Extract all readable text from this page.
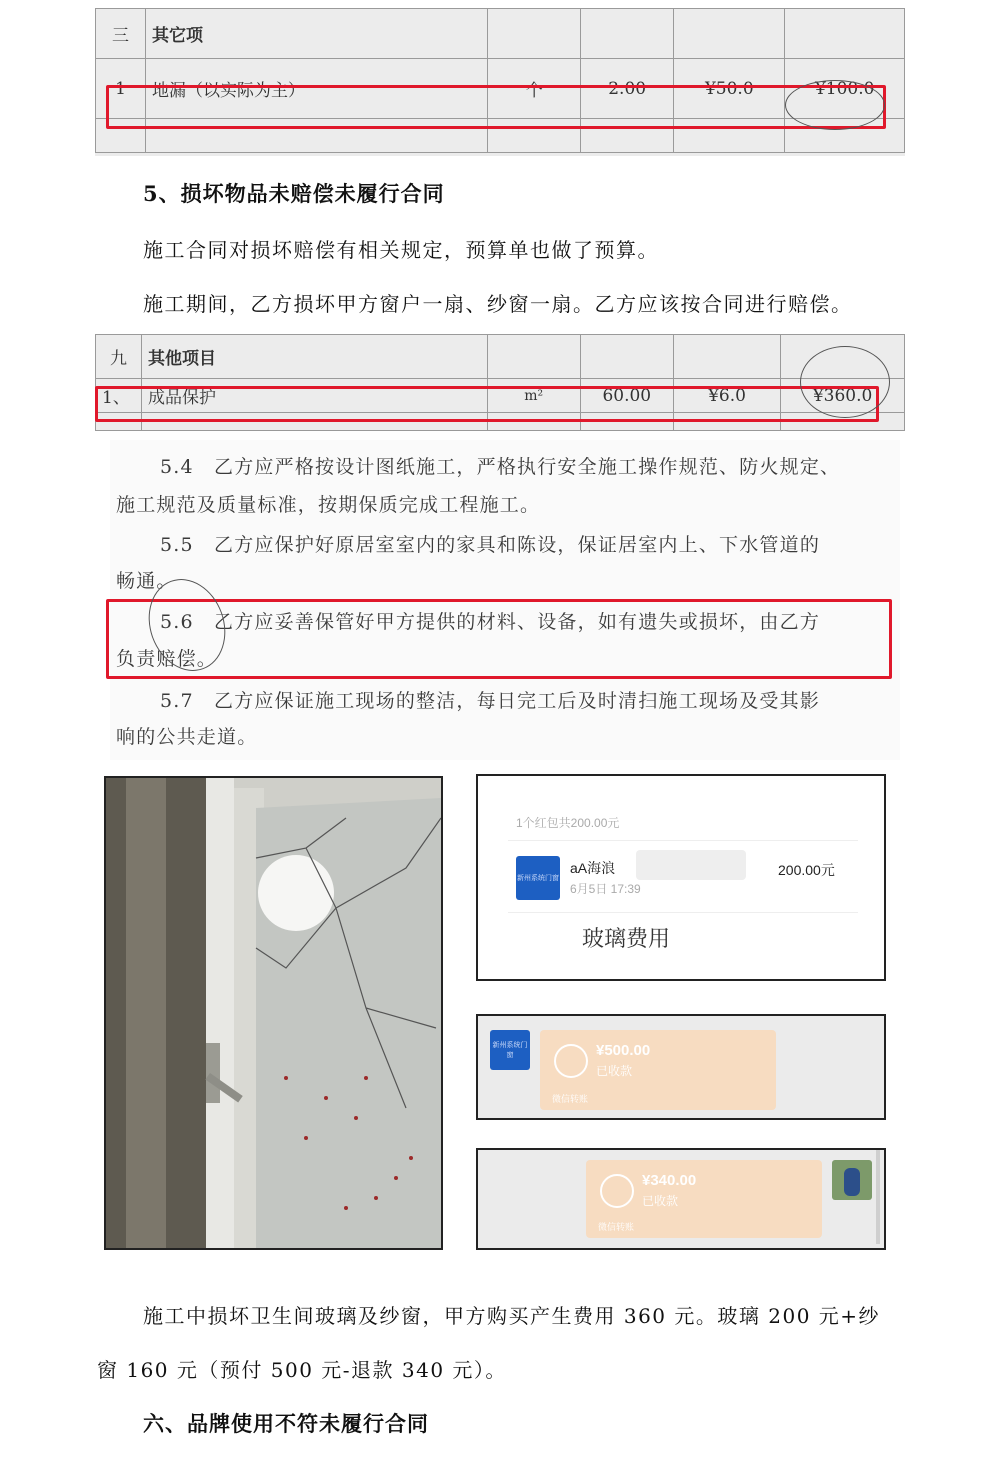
三	其它项				
1	地漏（以实际为主）	个	2.00	¥50.0	¥100.0

5、损坏物品未赔偿未履行合同
施工合同对损坏赔偿有相关规定，预算单也做了预算。
施工期间，乙方损坏甲方窗户一扇、纱窗一扇。乙方应该按合同进行赔偿。
九	其他项目				
1、	成品保护	m²	60.00	¥6.0	¥360.0

5.4　乙方应严格按设计图纸施工，严格执行安全施工操作规范、防火规定、
施工规范及质量标准，按期保质完成工程施工。
5.5　乙方应保护好原居室室内的家具和陈设，保证居室内上、下水管道的
畅通。
5.6　乙方应妥善保管好甲方提供的材料、设备，如有遗失或损坏，由乙方
负责赔偿。
5.7　乙方应保证施工现场的整洁，每日完工后及时清扫施工现场及受其影
响的公共走道。
1个红包共200.00元
新州系统门窗
aA海浪
6月5日 17:39
200.00元
玻璃费用
新州系统门窗	¥500.00
已收款
微信转账
¥340.00
已收款
微信转账
施工中损坏卫生间玻璃及纱窗，甲方购买产生费用 360 元。玻璃 200 元+纱
窗 160 元（预付 500 元-退款 340 元）。
六、品牌使用不符未履行合同
